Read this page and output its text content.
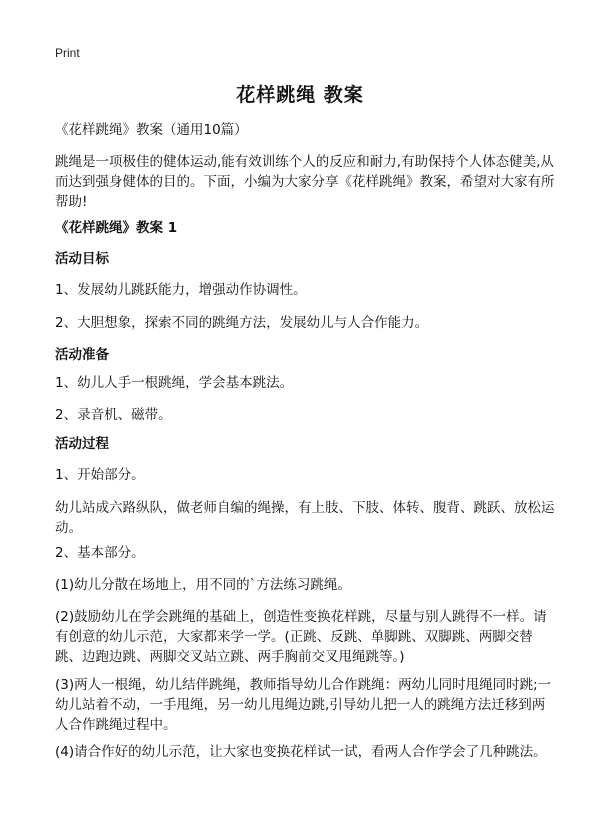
Print
花样跳绳 教案

《花样跳绳》教案（通用10篇）

跳绳是一项极佳的健体运动,能有效训练个人的反应和耐力,有助保持个人体态健美,从而达到强身健体的目的。下面，小编为大家分享《花样跳绳》教案，希望对大家有所帮助!

《花样跳绳》教案 1

活动目标

1、发展幼儿跳跃能力，增强动作协调性。

2、大胆想象，探索不同的跳绳方法，发展幼儿与人合作能力。

活动准备

1、幼儿人手一根跳绳，学会基本跳法。

2、录音机、磁带。

活动过程

1、开始部分。

幼儿站成六路纵队，做老师自编的绳操，有上肢、下肢、体转、腹背、跳跃、放松运动。

2、基本部分。

(1)幼儿分散在场地上，用不同的`方法练习跳绳。

(2)鼓励幼儿在学会跳绳的基础上，创造性变换花样跳，尽量与别人跳得不一样。请有创意的幼儿示范，大家都来学一学。(正跳、反跳、单脚跳、双脚跳、两脚交替跳、边跑边跳、两脚交叉站立跳、两手胸前交叉甩绳跳等。)

(3)两人一根绳，幼儿结伴跳绳，教师指导幼儿合作跳绳：两幼儿同时甩绳同时跳;一幼儿站着不动，一手甩绳，另一幼儿甩绳边跳,引导幼儿把一人的跳绳方法迁移到两人合作跳绳过程中。

(4)请合作好的幼儿示范，让大家也变换花样试一试，看两人合作学会了几种跳法。
